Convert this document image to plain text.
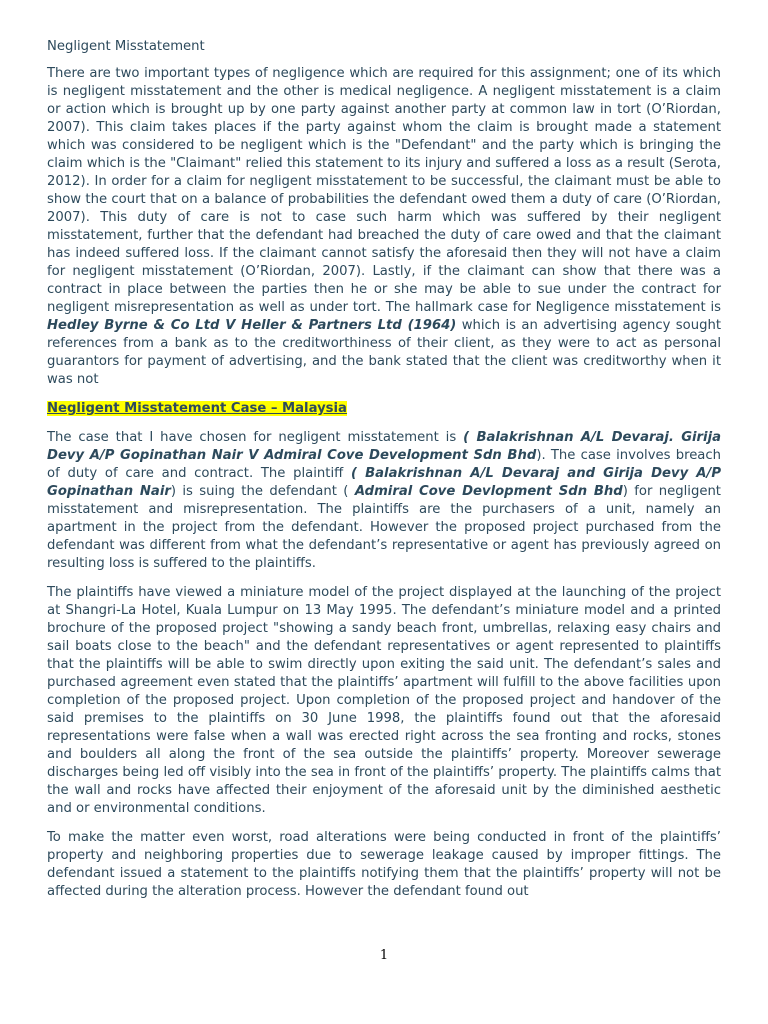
Negligent Misstatement

There are two important types of negligence which are required for this assignment; one of its which is negligent misstatement and the other is medical negligence. A negligent misstatement is a claim or action which is brought up by one party against another party at common law in tort (O’Riordan, 2007). This claim takes places if the party against whom the claim is brought made a statement which was considered to be negligent which is the "Defendant" and the party which is bringing the claim which is the "Claimant" relied this statement to its injury and suffered a loss as a result (Serota, 2012). In order for a claim for negligent misstatement to be successful, the claimant must be able to show the court that on a balance of probabilities the defendant owed them a duty of care (O’Riordan, 2007). This duty of care is not to case such harm which was suffered by their negligent misstatement, further that the defendant had breached the duty of care owed and that the claimant has indeed suffered loss. If the claimant cannot satisfy the aforesaid then they will not have a claim for negligent misstatement (O’Riordan, 2007). Lastly, if the claimant can show that there was a contract in place between the parties then he or she may be able to sue under the contract for negligent misrepresentation as well as under tort. The hallmark case for Negligence misstatement is Hedley Byrne & Co Ltd V Heller & Partners Ltd (1964) which is an advertising agency sought references from a bank as to the creditworthiness of their client, as they were to act as personal guarantors for payment of advertising, and the bank stated that the client was creditworthy when it was not

Negligent Misstatement Case – Malaysia

The case that I have chosen for negligent misstatement is ( Balakrishnan A/L Devaraj. Girija Devy A/P Gopinathan Nair V Admiral Cove Development Sdn Bhd). The case involves breach of duty of care and contract. The plaintiff ( Balakrishnan A/L Devaraj and Girija Devy A/P Gopinathan Nair) is suing the defendant ( Admiral Cove Devlopment Sdn Bhd) for negligent misstatement and misrepresentation. The plaintiffs are the purchasers of a unit, namely an apartment in the project from the defendant. However the proposed project purchased from the defendant was different from what the defendant’s representative or agent has previously agreed on resulting loss is suffered to the plaintiffs.

The plaintiffs have viewed a miniature model of the project displayed at the launching of the project at Shangri-La Hotel, Kuala Lumpur on 13 May 1995. The defendant’s miniature model and a printed brochure of the proposed project "showing a sandy beach front, umbrellas, relaxing easy chairs and sail boats close to the beach" and the defendant representatives or agent represented to plaintiffs that the plaintiffs will be able to swim directly upon exiting the said unit. The defendant’s sales and purchased agreement even stated that the plaintiffs’ apartment will fulfill to the above facilities upon completion of the proposed project. Upon completion of the proposed project and handover of the said premises to the plaintiffs on 30 June 1998, the plaintiffs found out that the aforesaid representations were false when a wall was erected right across the sea fronting and rocks, stones and boulders all along the front of the sea outside the plaintiffs’ property. Moreover sewerage discharges being led off visibly into the sea in front of the plaintiffs’ property. The plaintiffs calms that the wall and rocks have affected their enjoyment of the aforesaid unit by the diminished aesthetic and or environmental conditions.

To make the matter even worst, road alterations were being conducted in front of the plaintiffs’ property and neighboring properties due to sewerage leakage caused by improper fittings. The defendant issued a statement to the plaintiffs notifying them that the plaintiffs’ property will not be affected during the alteration process. However the defendant found out

1
